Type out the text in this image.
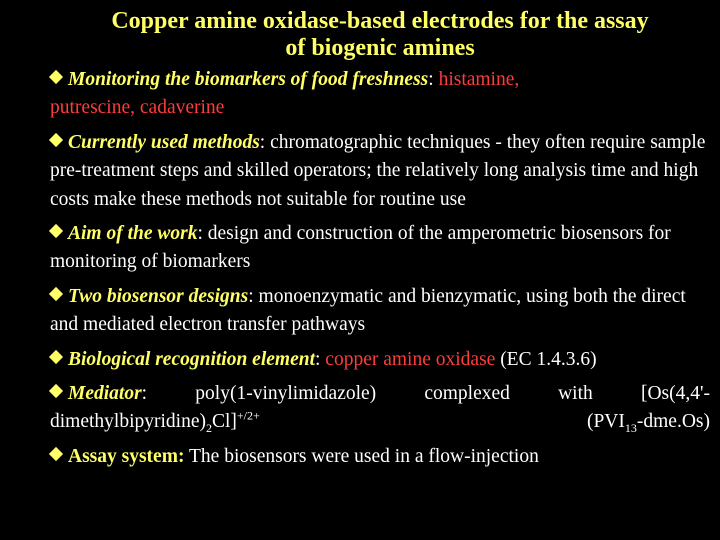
Copper amine oxidase-based electrodes for the assay
of biogenic amines
Monitoring the biomarkers of food freshness: histamine,
putrescine, cadaverine
Currently used methods: chromatographic techniques - they often require sample pre-treatment steps and skilled operators; the relatively long analysis time and high costs make these methods not suitable for routine use
Aim of the work: design and construction of the amperometric biosensors for monitoring of biomarkers
Two biosensor designs: monoenzymatic and bienzymatic, using both the direct and mediated electron transfer pathways
Biological recognition element: copper amine oxidase (EC 1.4.3.6)
Mediator: poly(1-vinylimidazole) complexed with $[Os(4,4'-dimethylbipyridine)_2Cl]^{+/2+}$	$(PVI_{13}-dme.Os)$
Assay system: The biosensors were used in a flow-injection
